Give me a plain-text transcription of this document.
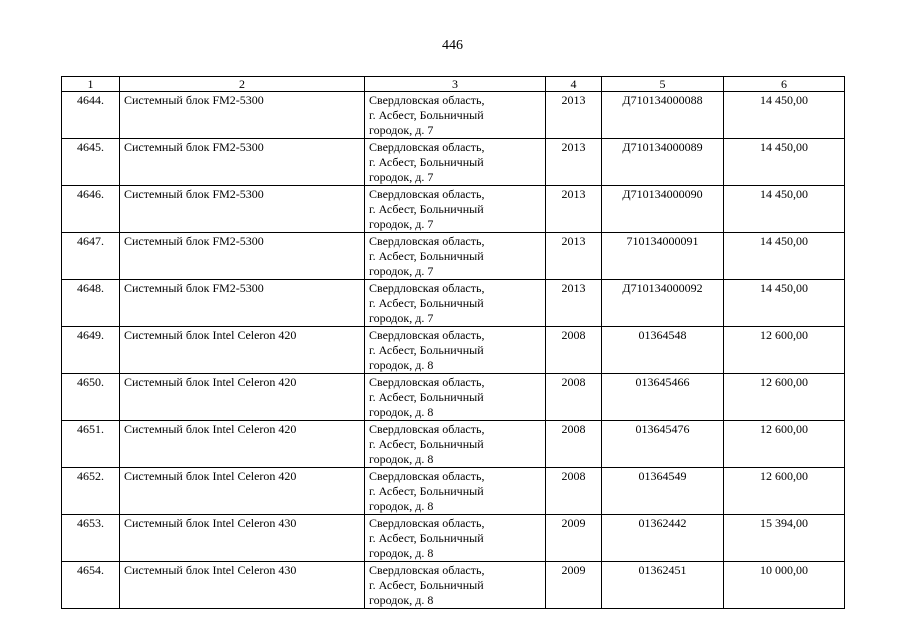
446
1	2	3	4	5	6
4644.	Системный блок FM2-5300	Свердловская область,
г. Асбест, Больничный
городок, д. 7	2013	Д710134000088	14 450,00
4645.	Системный блок FM2-5300	Свердловская область,
г. Асбест, Больничный
городок, д. 7	2013	Д710134000089	14 450,00
4646.	Системный блок FM2-5300	Свердловская область,
г. Асбест, Больничный
городок, д. 7	2013	Д710134000090	14 450,00
4647.	Системный блок FM2-5300	Свердловская область,
г. Асбест, Больничный
городок, д. 7	2013	710134000091	14 450,00
4648.	Системный блок FM2-5300	Свердловская область,
г. Асбест, Больничный
городок, д. 7	2013	Д710134000092	14 450,00
4649.	Системный блок Intel Celeron 420	Свердловская область,
г. Асбест, Больничный
городок, д. 8	2008	01364548	12 600,00
4650.	Системный блок Intel Celeron 420	Свердловская область,
г. Асбест, Больничный
городок, д. 8	2008	013645466	12 600,00
4651.	Системный блок Intel Celeron 420	Свердловская область,
г. Асбест, Больничный
городок, д. 8	2008	013645476	12 600,00
4652.	Системный блок Intel Celeron 420	Свердловская область,
г. Асбест, Больничный
городок, д. 8	2008	01364549	12 600,00
4653.	Системный блок Intel Celeron 430	Свердловская область,
г. Асбест, Больничный
городок, д. 8	2009	01362442	15 394,00
4654.	Системный блок Intel Celeron 430	Свердловская область,
г. Асбест, Больничный
городок, д. 8	2009	01362451	10 000,00
